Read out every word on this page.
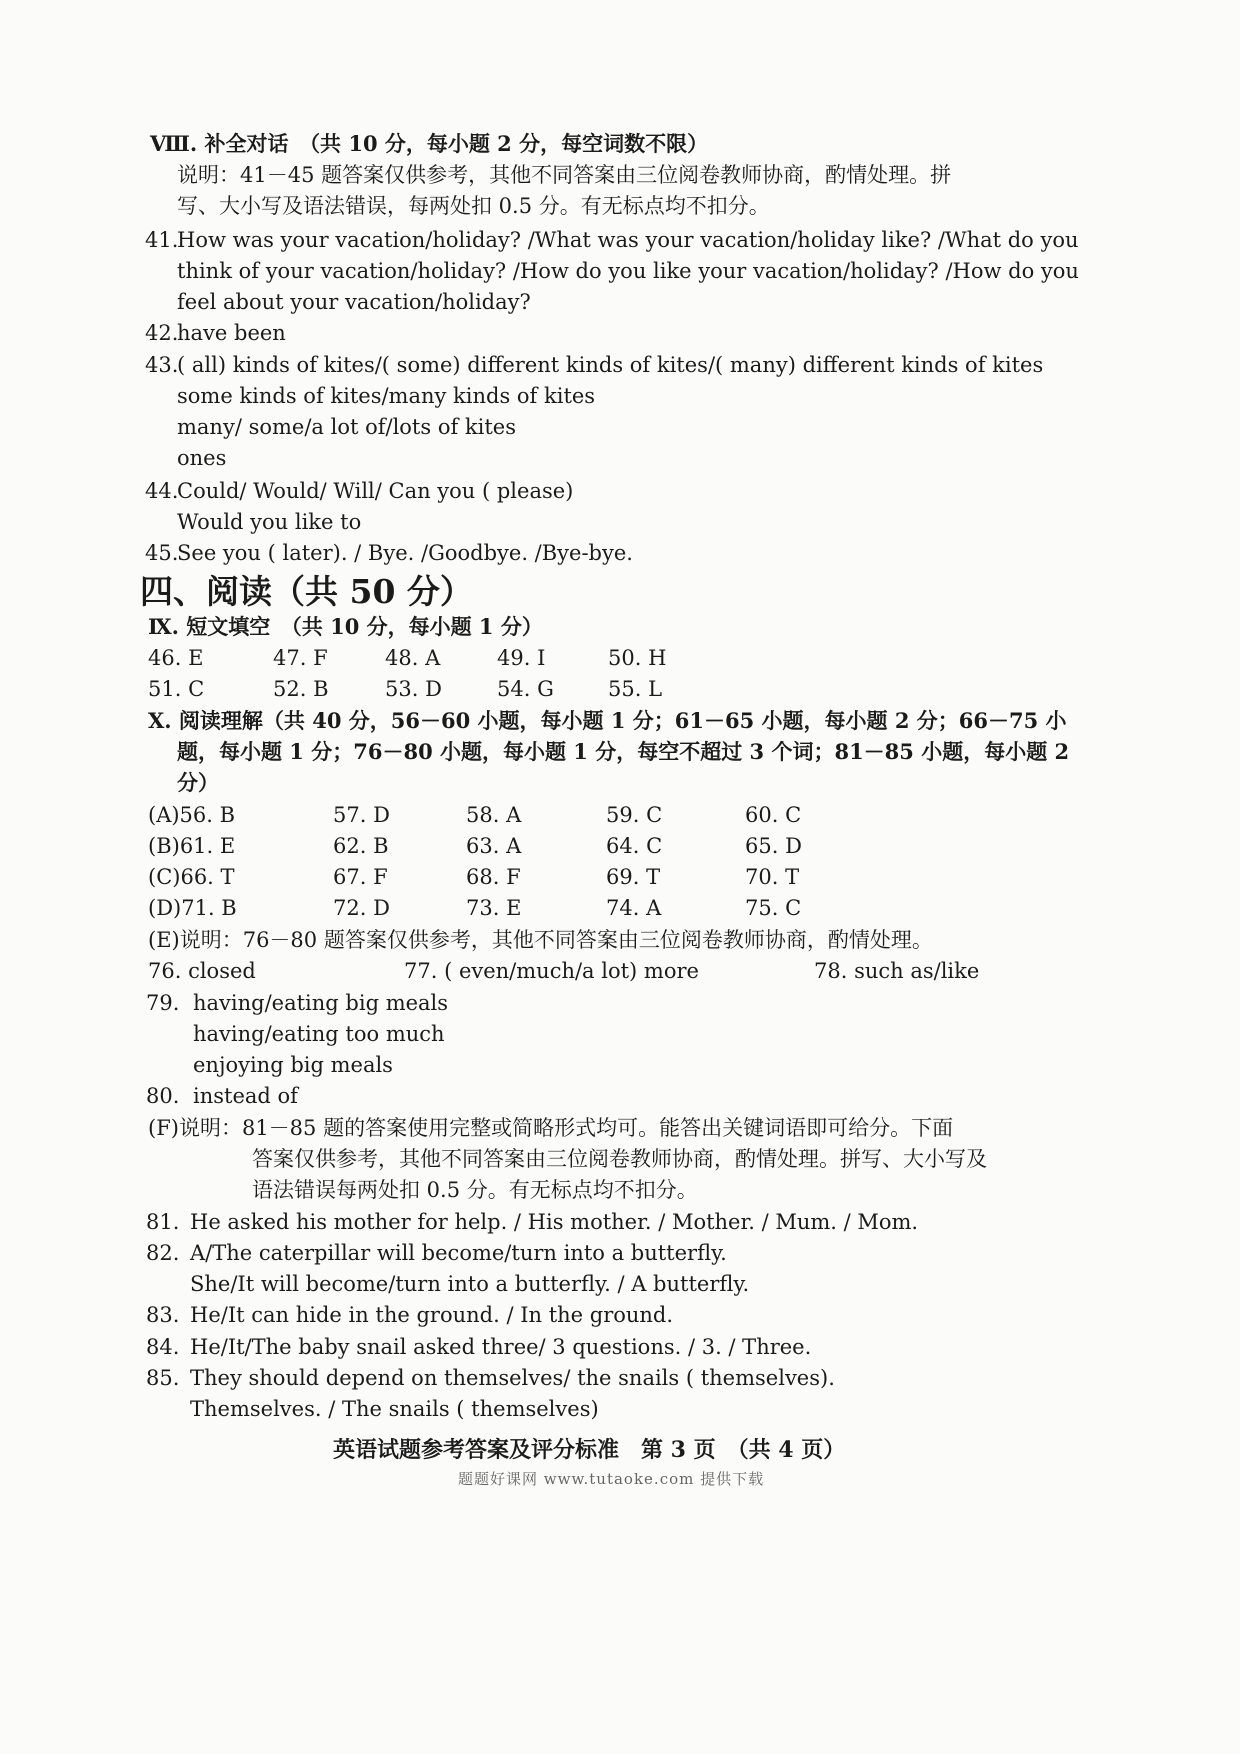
Ⅷ. 补全对话　（共 10 分，每小题 2 分，每空词数不限）
说明：41－45 题答案仅供参考，其他不同答案由三位阅卷教师协商，酌情处理。拼
写、大小写及语法错误，每两处扣 0.5 分。有无标点均不扣分。
41.
How was your vacation/holiday? /What was your vacation/holiday like? /What do you
think of your vacation/holiday? /How do you like your vacation/holiday? /How do you
feel about your vacation/holiday?
42.
have been
43.
( all) kinds of kites/( some) different kinds of kites/( many) different kinds of kites
some kinds of kites/many kinds of kites
many/ some/a lot of/lots of kites
ones
44.
Could/ Would/ Will/ Can you ( please)
Would you like to
45.
See you ( later). / Bye. /Goodbye. /Bye-bye.
四、阅读（共 50 分）
Ⅸ. 短文填空　（共 10 分，每小题 1 分）
46. E	47. F	48. A	49. I	50. H
51. C	52. B	53. D	54. G	55. L
Ⅹ. 阅读理解（共 40 分，56－60 小题，每小题 1 分；61－65 小题，每小题 2 分；66－75 小
题，每小题 1 分；76－80 小题，每小题 1 分，每空不超过 3 个词；81－85 小题，每小题 2
分）
(A)56. B	57. D	58. A	59. C	60. C
(B)61. E	62. B	63. A	64. C	65. D
(C)66. T	67. F	68. F	69. T	70. T
(D)71. B	72. D	73. E	74. A	75. C
(E)说明：76－80 题答案仅供参考，其他不同答案由三位阅卷教师协商，酌情处理。
76. closed	77. ( even/much/a lot) more	78. such as/like
79. having/eating big meals
having/eating too much
enjoying big meals
80. instead of
(F)说明：81－85 题的答案使用完整或简略形式均可。能答出关键词语即可给分。下面
答案仅供参考，其他不同答案由三位阅卷教师协商，酌情处理。拼写、大小写及
语法错误每两处扣 0.5 分。有无标点均不扣分。
81. He asked his mother for help. / His mother. / Mother. / Mum. / Mom.
82. A/The caterpillar will become/turn into a butterfly.
She/It will become/turn into a butterfly. / A butterfly.
83. He/It can hide in the ground. / In the ground.
84. He/It/The baby snail asked three/ 3 questions. / 3. / Three.
85. They should depend on themselves/ the snails ( themselves).
Themselves. / The snails ( themselves)
英语试题参考答案及评分标准　第 3 页　（共 4 页）
题题好课网 www.tutaoke.com 提供下载
